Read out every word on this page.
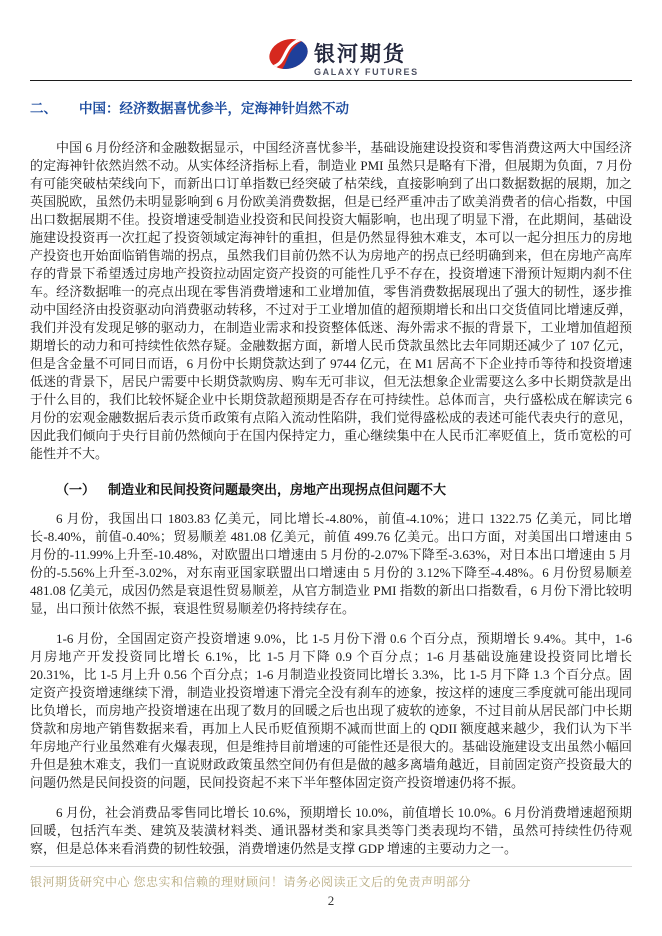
银河期货
GALAXY FUTURES
二、 中国：经济数据喜忧参半，定海神针岿然不动

中国 6 月份经济和金融数据显示，中国经济喜忧参半，基础设施建设投资和零售消费这两大中国经济的定海神针依然岿然不动。从实体经济指标上看，制造业 PMI 虽然只是略有下滑，但展期为负面，7 月份有可能突破枯荣线向下，而新出口订单指数已经突破了枯荣线，直接影响到了出口数据数据的展期，加之英国脱欧，虽然仍未明显影响到 6 月份欧美消费数据，但是已经严重冲击了欧美消费者的信心指数，中国出口数据展期不佳。投资增速受制造业投资和民间投资大幅影响，也出现了明显下滑，在此期间，基础设施建设投资再一次扛起了投资领域定海神针的重担，但是仍然显得独木难支，本可以一起分担压力的房地产投资也开始面临销售端的拐点，虽然我们目前仍然不认为房地产的拐点已经明确到来，但在房地产高库存的背景下希望透过房地产投资拉动固定资产投资的可能性几乎不存在，投资增速下滑预计短期内刹不住车。经济数据唯一的亮点出现在零售消费增速和工业增加值，零售消费数据展现出了强大的韧性，逐步推动中国经济由投资驱动向消费驱动转移，不过对于工业增加值的超预期增长和出口交货值同比增速反弹，我们并没有发现足够的驱动力，在制造业需求和投资整体低迷、海外需求不振的背景下，工业增加值超预期增长的动力和可持续性依然存疑。金融数据方面，新增人民币贷款虽然比去年同期还减少了 107 亿元，但是含金量不可同日而语，6 月份中长期贷款达到了 9744 亿元，在 M1 居高不下企业持币等待和投资增速低迷的背景下，居民户需要中长期贷款购房、购车无可非议，但无法想象企业需要这么多中长期贷款是出于什么目的，我们比较怀疑企业中长期贷款超预期是否存在可持续性。总体而言，央行盛松成在解读完 6 月份的宏观金融数据后表示货币政策有点陷入流动性陷阱，我们觉得盛松成的表述可能代表央行的意见，因此我们倾向于央行目前仍然倾向于在国内保持定力，重心继续集中在人民币汇率贬值上，货币宽松的可能性并不大。

（一） 制造业和民间投资问题最突出，房地产出现拐点但问题不大

6 月份，我国出口 1803.83 亿美元，同比增长-4.80%，前值-4.10%；进口 1322.75 亿美元，同比增长-8.40%，前值-0.40%；贸易顺差 481.08 亿美元，前值 499.76 亿美元。出口方面，对美国出口增速由 5 月份的-11.99%上升至-10.48%，对欧盟出口增速由 5 月份的-2.07%下降至-3.63%，对日本出口增速由 5 月份的-5.56%上升至-3.02%，对东南亚国家联盟出口增速由 5 月份的 3.12%下降至-4.48%。6 月份贸易顺差 481.08 亿美元，成因仍然是衰退性贸易顺差，从官方制造业 PMI 指数的新出口指数看，6 月份下滑比较明显，出口预计依然不振，衰退性贸易顺差仍将持续存在。

1-6 月份，全国固定资产投资增速 9.0%，比 1-5 月份下滑 0.6 个百分点，预期增长 9.4%。其中，1-6 月房地产开发投资同比增长 6.1%，比 1-5 月下降 0.9 个百分点；1-6 月基础设施建设投资同比增长 20.31%，比 1-5 月上升 0.56 个百分点；1-6 月制造业投资同比增长 3.3%，比 1-5 月下降 1.3 个百分点。固定资产投资增速继续下滑，制造业投资增速下滑完全没有刹车的迹象，按这样的速度三季度就可能出现同比负增长，而房地产投资增速在出现了数月的回暖之后也出现了疲软的迹象，不过目前从居民部门中长期贷款和房地产销售数据来看，再加上人民币贬值预期不减而世面上的 QDII 额度越来越少，我们认为下半年房地产行业虽然难有火爆表现，但是维持目前增速的可能性还是很大的。基础设施建设支出虽然小幅回升但是独木难支，我们一直说财政政策虽然空间仍有但是做的越多离墙角越近，目前固定资产投资最大的问题仍然是民间投资的问题，民间投资起不来下半年整体固定资产投资增速仍将不振。

6 月份，社会消费品零售同比增长 10.6%，预期增长 10.0%，前值增长 10.0%。6 月份消费增速超预期回暖，包括汽车类、建筑及装潢材料类、通讯器材类和家具类等门类表现均不错，虽然可持续性仍待观察，但是总体来看消费的韧性较强，消费增速仍然是支撑 GDP 增速的主要动力之一。

银河期货研究中心 您忠实和信赖的理财顾问！请务必阅读正文后的免责声明部分
2
